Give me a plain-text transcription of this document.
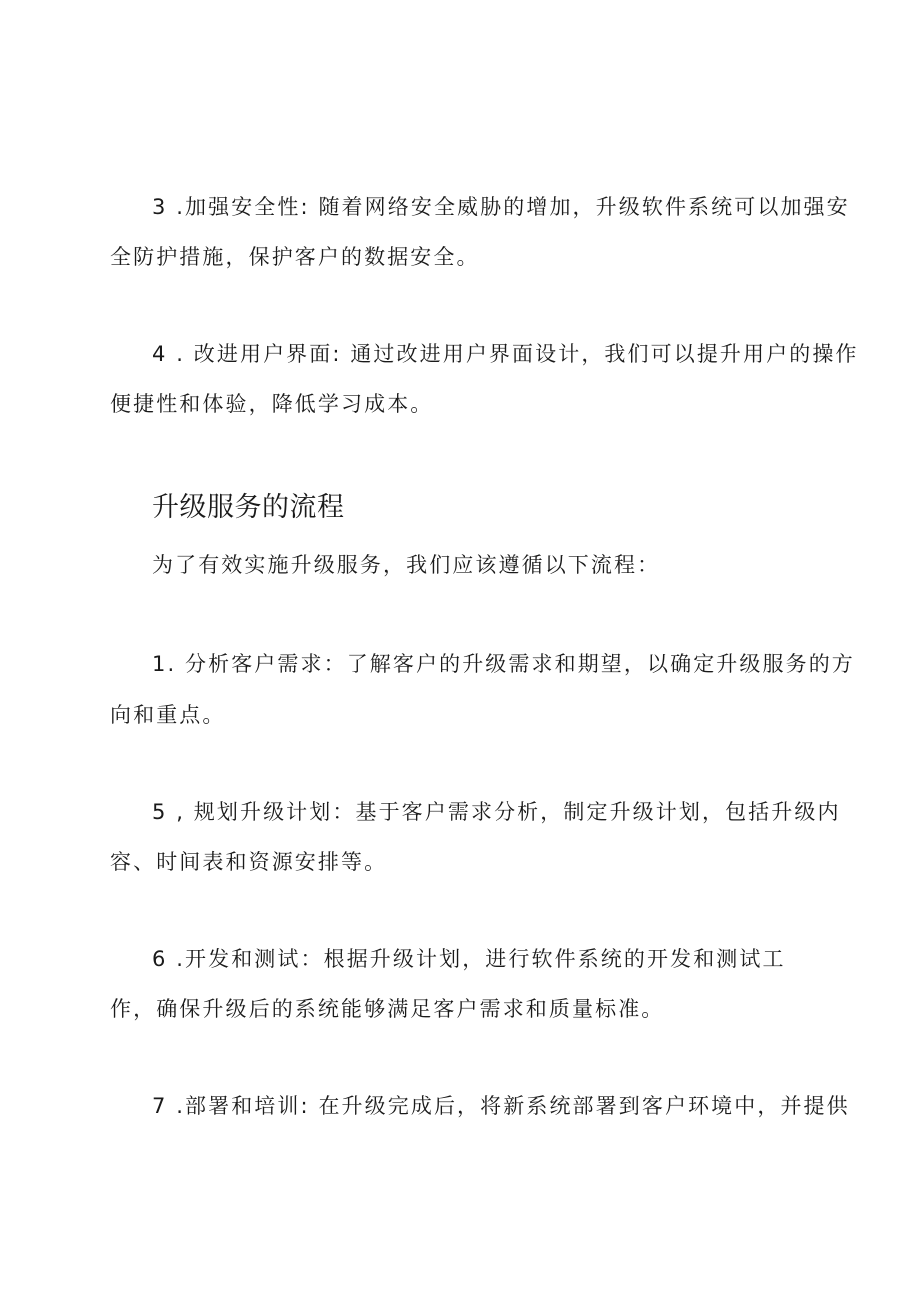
3 .加强安全性: 随着网络安全威胁的增加，升级软件系统可以加强安
全防护措施，保护客户的数据安全。
4 . 改进用户界面: 通过改进用户界面设计，我们可以提升用户的操作
便捷性和体验，降低学习成本。
升级服务的流程
为了有效实施升级服务，我们应该遵循以下流程：
1. 分析客户需求：了解客户的升级需求和期望，以确定升级服务的方
向和重点。
5 , 规划升级计划：基于客户需求分析，制定升级计划，包括升级内
容、时间表和资源安排等。
6 .开发和测试：根据升级计划，进行软件系统的开发和测试工
作，确保升级后的系统能够满足客户需求和质量标准。
7 .部署和培训: 在升级完成后，将新系统部署到客户环境中，并提供
